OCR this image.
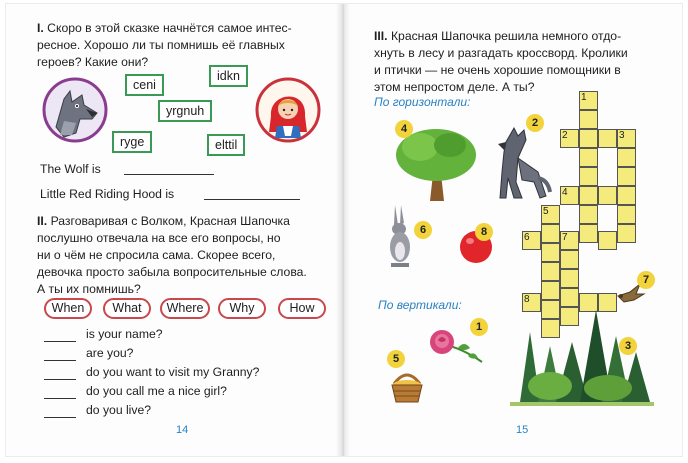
I. Скоро в этой сказке начнётся самое интес-
ресное. Хорошо ли ты помнишь её главных
героев? Какие они?
ceni
idkn
yrgnuh
ryge	elttil
The Wolf is
Little Red Riding Hood is
II. Разговаривая с Волком, Красная Шапочка
послушно отвечала на все его вопросы, но
ни о чём не спросила сама. Скорее всего,
девочка просто забыла вопросительные слова.
А ты их помнишь?
When	What	Where	Why	How
is your name?
are you?
do you want to visit my Granny?
do you call me a nice girl?
do you live?
14
III. Красная Шапочка решила немного отдо-
хнуть в лесу и разгадать кроссворд. Кролики
и птички — не очень хорошие помощники в
этом непростом деле. А ты?
По горизонтали:
По вертикали:
1
2	3
4
5
6	7
8
4	2
6	8
7
1
5
3
15
